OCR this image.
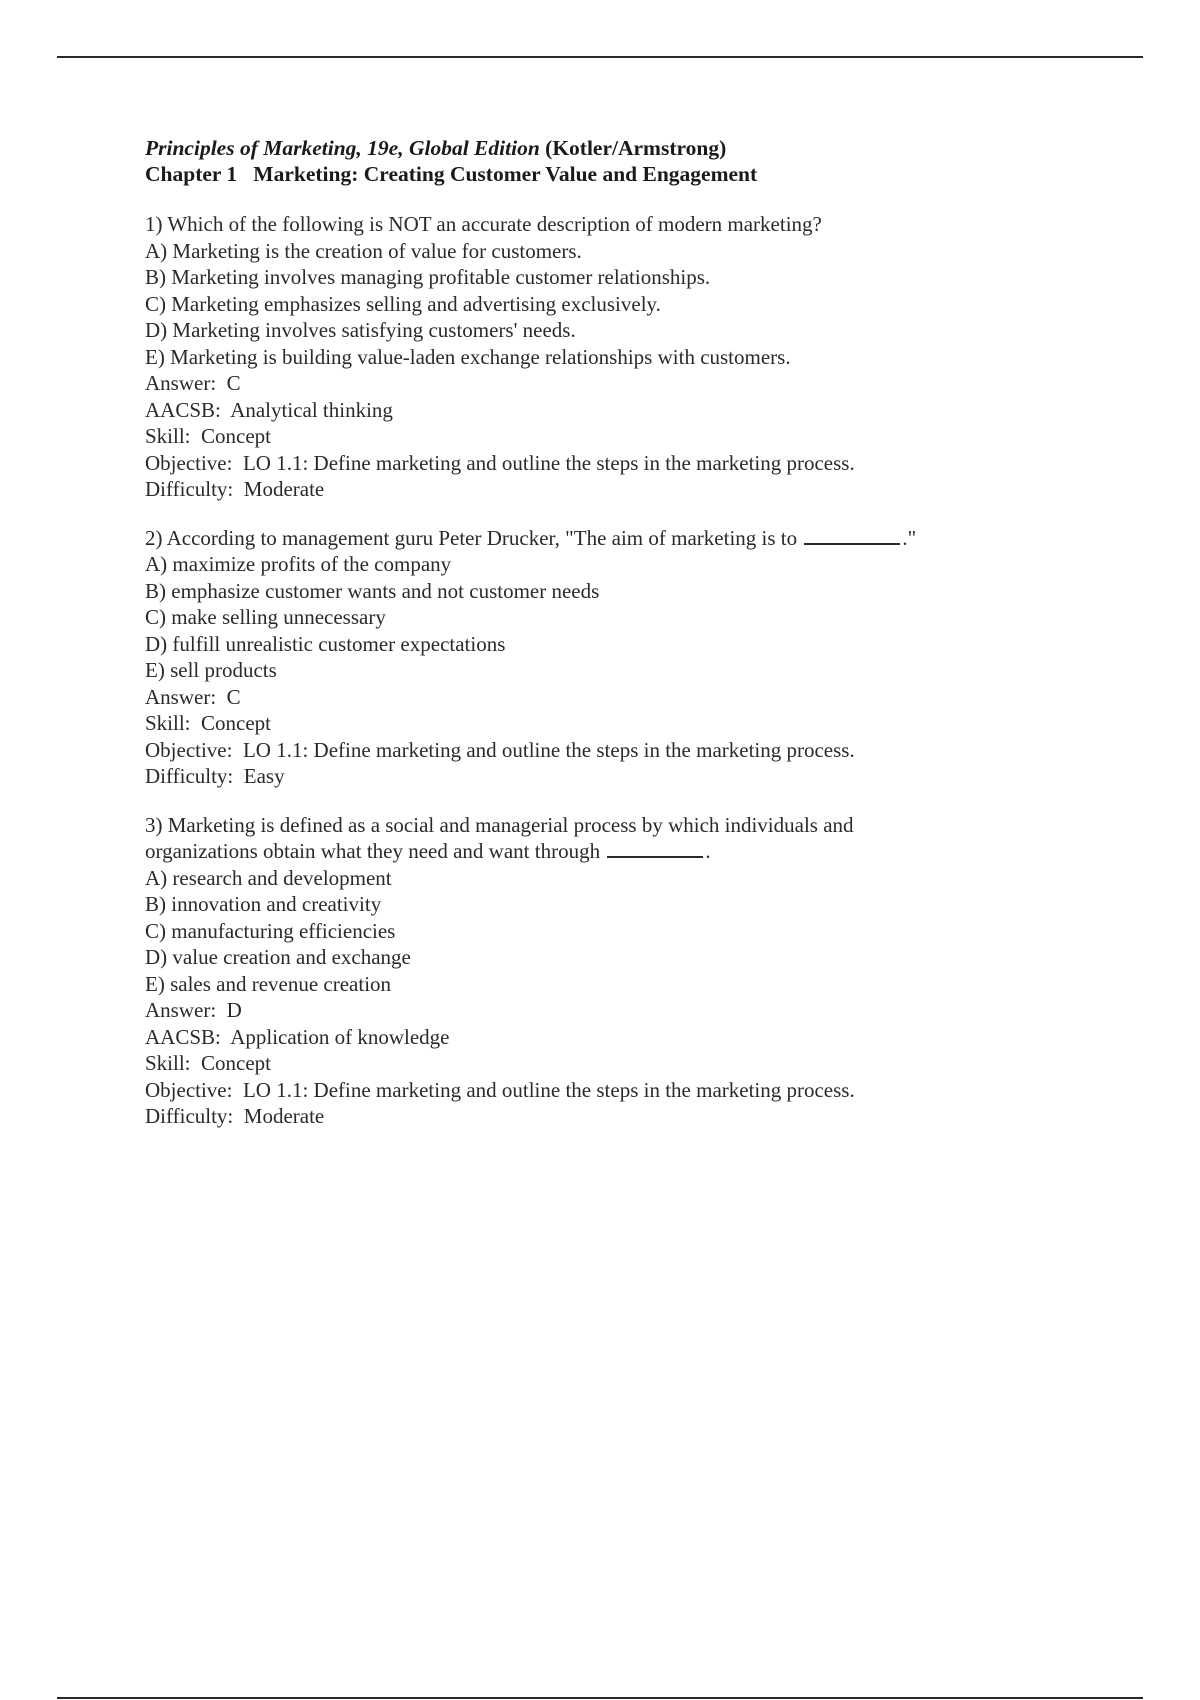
Principles of Marketing, 19e, Global Edition (Kotler/Armstrong)
Chapter 1   Marketing: Creating Customer Value and Engagement
1) Which of the following is NOT an accurate description of modern marketing?
A) Marketing is the creation of value for customers.
B) Marketing involves managing profitable customer relationships.
C) Marketing emphasizes selling and advertising exclusively.
D) Marketing involves satisfying customers' needs.
E) Marketing is building value-laden exchange relationships with customers.
Answer:  C
AACSB:  Analytical thinking
Skill:  Concept
Objective:  LO 1.1: Define marketing and outline the steps in the marketing process.
Difficulty:  Moderate
2) According to management guru Peter Drucker, "The aim of marketing is to	."
A) maximize profits of the company
B) emphasize customer wants and not customer needs
C) make selling unnecessary
D) fulfill unrealistic customer expectations
E) sell products
Answer:  C
Skill:  Concept
Objective:  LO 1.1: Define marketing and outline the steps in the marketing process.
Difficulty:  Easy
3) Marketing is defined as a social and managerial process by which individuals and
organizations obtain what they need and want through	.
A) research and development
B) innovation and creativity
C) manufacturing efficiencies
D) value creation and exchange
E) sales and revenue creation
Answer:  D
AACSB:  Application of knowledge
Skill:  Concept
Objective:  LO 1.1: Define marketing and outline the steps in the marketing process.
Difficulty:  Moderate
